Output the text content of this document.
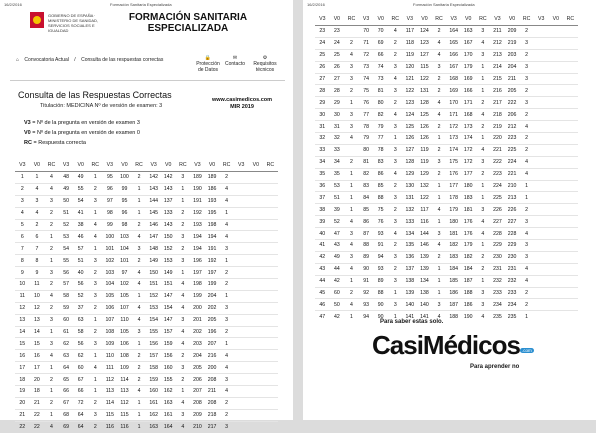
16/2/2016	Formación Sanitaria Especializada
GOBIERNO DE ESPAÑA · MINISTERIO DE SANIDAD, SERVICIOS SOCIALES E IGUALDAD
FORMACIÓN SANITARIA ESPECIALIZADA
⌂ Convocatoria Actual / Consulta de las respuestas correctas	🔒
Protección de Datos
✉
Contacto
⚙
Requisitos técnicos
Consulta de las Respuestas Correctas
Titulación: MEDICINA Nº de versión de examen: 3
www.casimedicos.com
MIR 2019
V3 = Nº de la pregunta en versión de examen 3
V0 = Nº de la pregunta en versión de examen 0
RC = Respuesta correcta
V3	V0	RC	V3	V0	RC	V3	V0	RC	V3	V0	RC	V3	V0	RC	V3	V0	RC
1	1	4	48	49	1	95	100	2	142	142	3	189	189	2			
2	4	4	49	55	2	96	99	1	143	143	1	190	186	4			
3	3	3	50	54	3	97	95	1	144	137	1	191	193	4			
4	4	2	51	41	1	98	96	1	145	133	2	192	195	1			
5	2	2	52	38	4	99	98	2	146	143	2	193	198	4			
6	6	1	53	46	4	100	103	4	147	150	3	194	194	4			
7	7	2	54	57	1	101	104	3	148	152	2	194	191	3			
8	8	1	55	51	3	102	101	2	149	153	3	196	192	1			
9	9	3	56	40	2	103	97	4	150	149	1	197	197	2			
10	11	2	57	56	3	104	102	4	151	151	4	198	199	2			
11	10	4	58	52	3	105	105	1	152	147	4	199	204	1			
12	12	2	59	37	2	106	107	4	153	154	4	200	202	3			
13	13	3	60	63	1	107	110	4	154	147	3	201	205	3			
14	14	1	61	58	2	108	105	3	155	157	4	202	196	2			
15	15	3	62	56	3	109	106	1	156	159	4	203	207	1			
16	16	4	63	62	1	110	108	2	157	156	2	204	216	4			
17	17	1	64	60	4	111	109	2	158	160	3	205	200	4			
18	20	2	65	67	1	112	114	2	159	155	2	206	208	3			
19	18	1	66	66	1	113	113	4	160	162	1	207	211	4			
20	21	2	67	72	2	114	112	1	161	163	4	208	208	2			
21	22	1	68	64	3	115	115	1	162	161	3	209	218	2			
22	22	4	69	64	2	116	116	1	163	164	4	210	217	3			
16/2/2016	Formación Sanitaria Especializada
V3	V0	RC	V3	V0	RC	V3	V0	RC	V3	V0	RC	V3	V0	RC	V3	V0	RC
23	23		70	70	4	117	124	2	164	163	3	211	209	2			
24	24	2	71	69	2	118	123	4	165	167	4	212	219	3			
25	25	4	72	66	2	119	127	4	166	170	3	213	203	2			
26	26	3	73	74	3	120	115	3	167	179	1	214	204	3			
27	27	3	74	73	4	121	122	2	168	169	1	215	211	3			
28	28	2	75	81	3	122	131	2	169	166	1	216	205	2			
29	29	1	76	80	2	123	128	4	170	171	2	217	222	3			
30	30	3	77	82	4	124	125	4	171	168	4	218	206	2			
31	31	3	78	79	3	125	126	2	172	173	2	219	212	4			
32	32	4	79	77	1	126	126	1	173	174	1	220	223	2			
33	33		80	78	3	127	119	2	174	172	4	221	225	2			
34	34	2	81	83	3	128	119	3	175	172	3	222	224	4			
35	35	1	82	86	4	129	129	2	176	177	2	223	221	4			
36	53	1	83	85	2	130	132	1	177	180	1	224	210	1			
37	51	1	84	88	3	131	122	1	178	183	1	225	213	1			
38	39	1	85	75	2	132	117	4	179	181	3	226	226	2			
39	52	4	86	76	3	133	116	1	180	176	4	227	227	3			
40	47	3	87	93	4	134	144	3	181	176	4	228	228	4			
41	43	4	88	91	2	135	146	4	182	179	1	229	229	3			
42	49	3	89	94	3	136	139	2	183	182	2	230	230	3			
43	44	4	90	93	2	137	139	1	184	184	2	231	231	4			
44	42	1	91	89	3	138	134	1	185	187	1	232	232	4			
45	60	2	92	88	1	139	138	1	186	188	3	233	233	2			
46	50	4	93	90	3	140	140	3	187	186	3	234	234	2			
47	42	1	94	90	1	141	141	4	188	190	4	235	235	1			
Para saber estas solo.
CasiMédicos .com
Para aprender no
